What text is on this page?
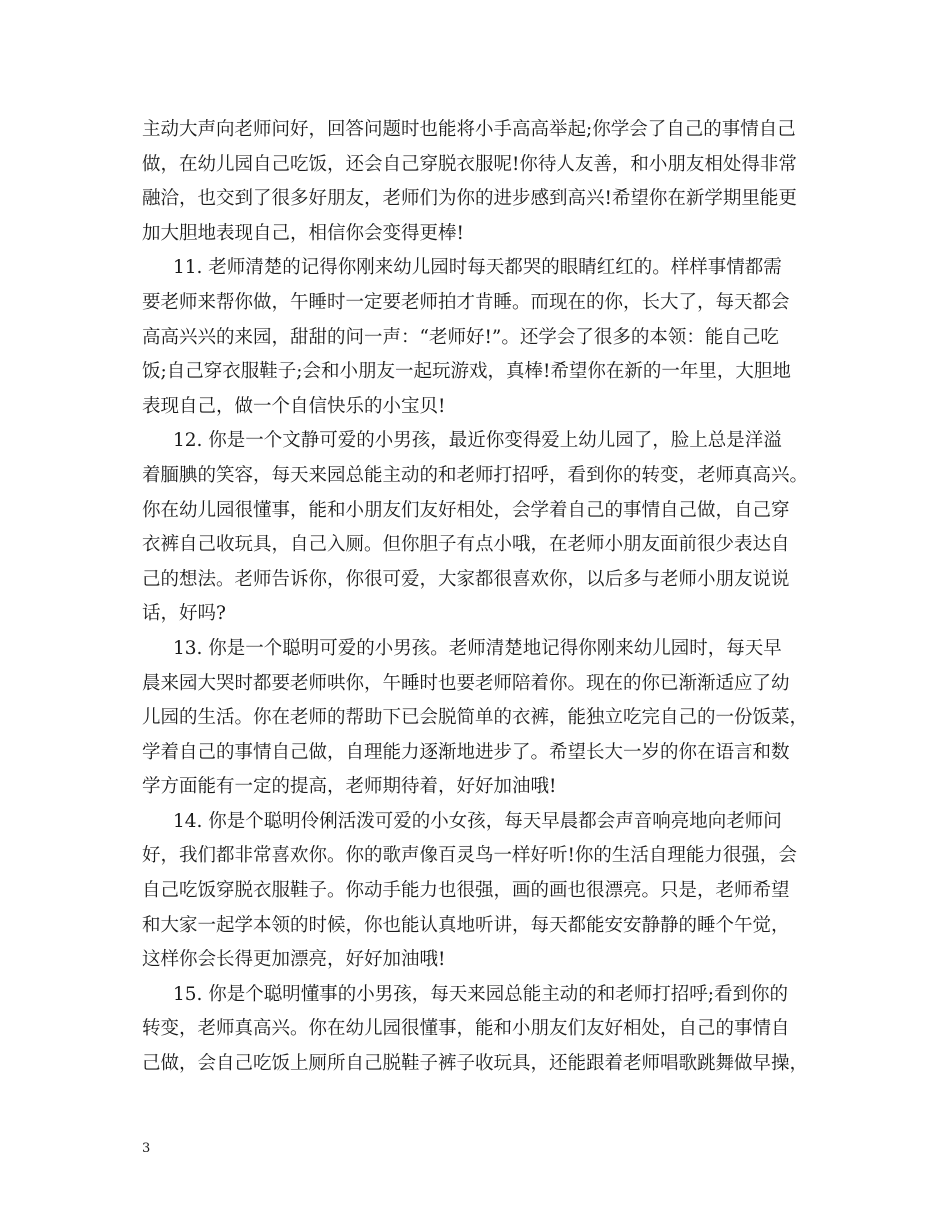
主动大声向老师问好，回答问题时也能将小手高高举起;你学会了自己的事情自己
做，在幼儿园自己吃饭，还会自己穿脱衣服呢!你待人友善，和小朋友相处得非常
融洽，也交到了很多好朋友，老师们为你的进步感到高兴!希望你在新学期里能更
加大胆地表现自己，相信你会变得更棒!
11. 老师清楚的记得你刚来幼儿园时每天都哭的眼睛红红的。样样事情都需
要老师来帮你做，午睡时一定要老师拍才肯睡。而现在的你，长大了，每天都会
高高兴兴的来园，甜甜的问一声：“老师好!”。还学会了很多的本领：能自己吃
饭;自己穿衣服鞋子;会和小朋友一起玩游戏，真棒!希望你在新的一年里，大胆地
表现自己，做一个自信快乐的小宝贝!
12. 你是一个文静可爱的小男孩，最近你变得爱上幼儿园了，脸上总是洋溢
着腼腆的笑容，每天来园总能主动的和老师打招呼，看到你的转变，老师真高兴。
你在幼儿园很懂事，能和小朋友们友好相处，会学着自己的事情自己做，自己穿
衣裤自己收玩具，自己入厕。但你胆子有点小哦，在老师小朋友面前很少表达自
己的想法。老师告诉你，你很可爱，大家都很喜欢你，以后多与老师小朋友说说
话，好吗?
13. 你是一个聪明可爱的小男孩。老师清楚地记得你刚来幼儿园时，每天早
晨来园大哭时都要老师哄你，午睡时也要老师陪着你。现在的你已渐渐适应了幼
儿园的生活。你在老师的帮助下已会脱简单的衣裤，能独立吃完自己的一份饭菜，
学着自己的事情自己做，自理能力逐渐地进步了。希望长大一岁的你在语言和数
学方面能有一定的提高，老师期待着，好好加油哦!
14. 你是个聪明伶俐活泼可爱的小女孩，每天早晨都会声音响亮地向老师问
好，我们都非常喜欢你。你的歌声像百灵鸟一样好听!你的生活自理能力很强，会
自己吃饭穿脱衣服鞋子。你动手能力也很强，画的画也很漂亮。只是，老师希望
和大家一起学本领的时候，你也能认真地听讲，每天都能安安静静的睡个午觉，
这样你会长得更加漂亮，好好加油哦!
15. 你是个聪明懂事的小男孩，每天来园总能主动的和老师打招呼;看到你的
转变，老师真高兴。你在幼儿园很懂事，能和小朋友们友好相处，自己的事情自
己做，会自己吃饭上厕所自己脱鞋子裤子收玩具，还能跟着老师唱歌跳舞做早操，
3
